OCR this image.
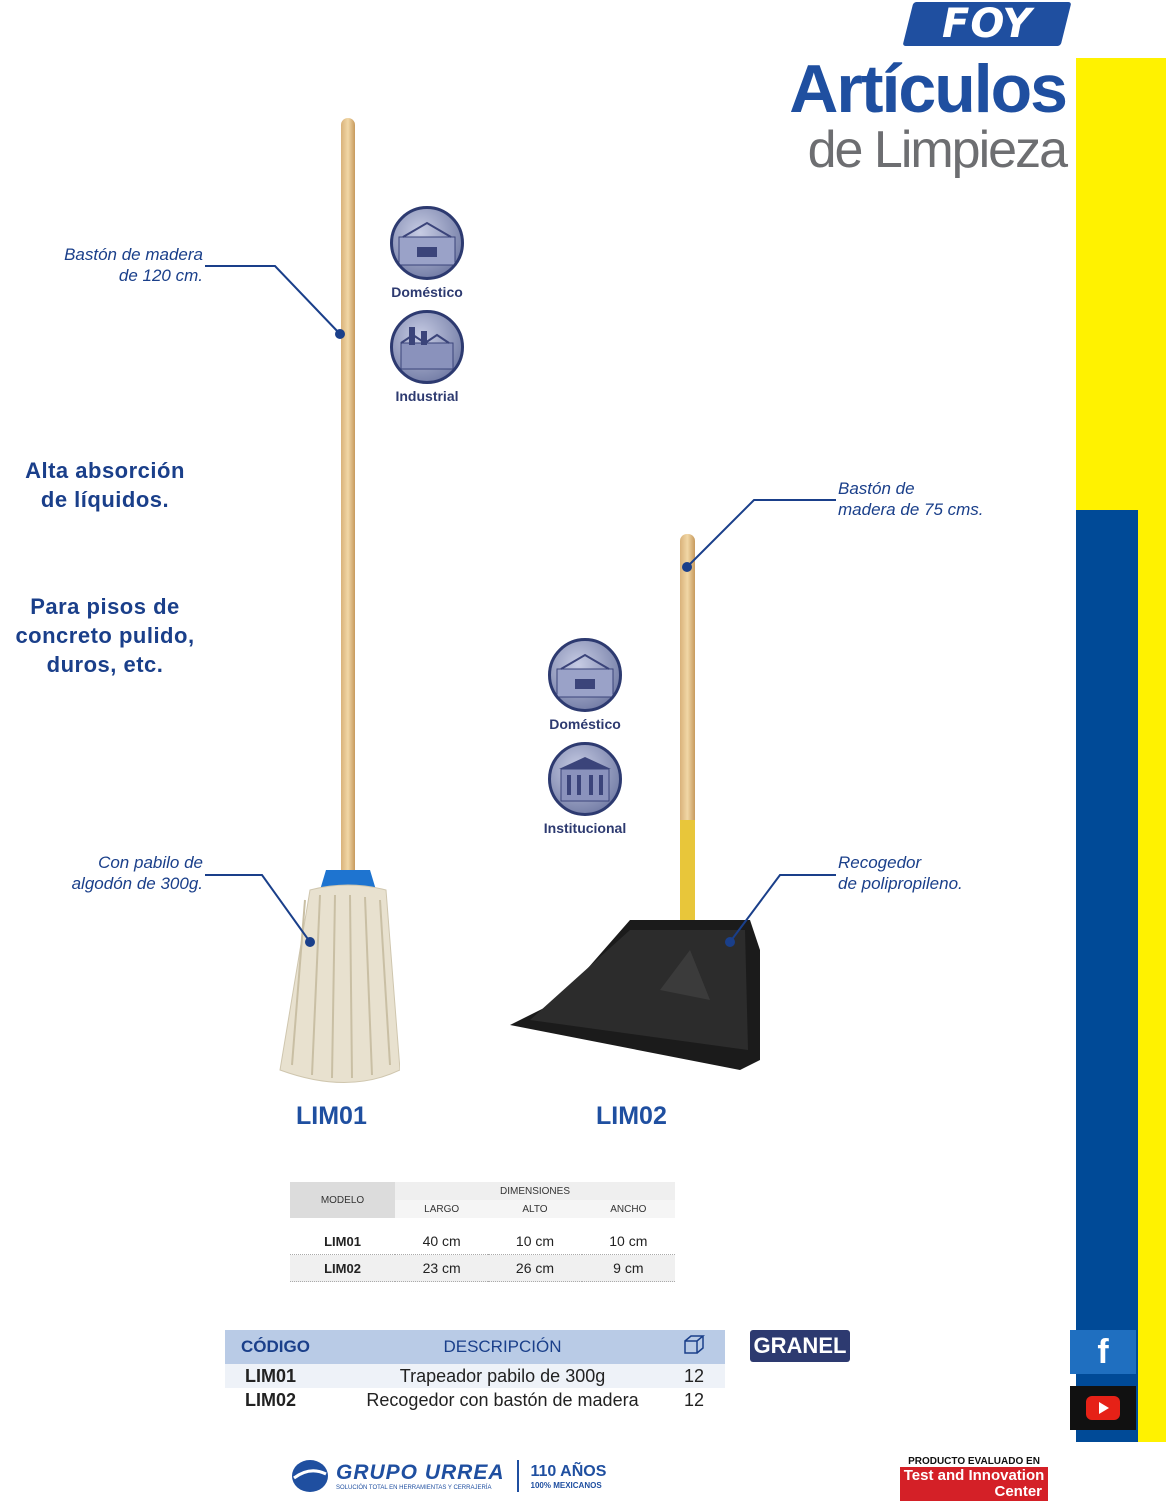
FOY
Artículos
de Limpieza
f
Bastón de madera
de 120 cm.
Con pabilo de
algodón de 300g.
Bastón de
madera de 75 cms.
Recogedor
de polipropileno.
Alta absorción
de líquidos.
Para pisos de
concreto pulido,
duros, etc.
Doméstico
Industrial
Doméstico
Institucional
LIM01	LIM02
MODELO	DIMENSIONES		
	LARGO	ALTO	ANCHO

LIM01	40 cm	10 cm	10 cm
LIM02	23 cm	26 cm	9 cm
CÓDIGO	DESCRIPCIÓN	
LIM01	Trapeador pabilo de 300g	12
LIM02	Recogedor con bastón de madera	12
GRANEL
GRUPO URREA
SOLUCIÓN TOTAL EN HERRAMIENTAS Y CERRAJERÍA
110 AÑOS
100% MEXICANOS
PRODUCTO EVALUADO EN
Test and Innovation
Center
